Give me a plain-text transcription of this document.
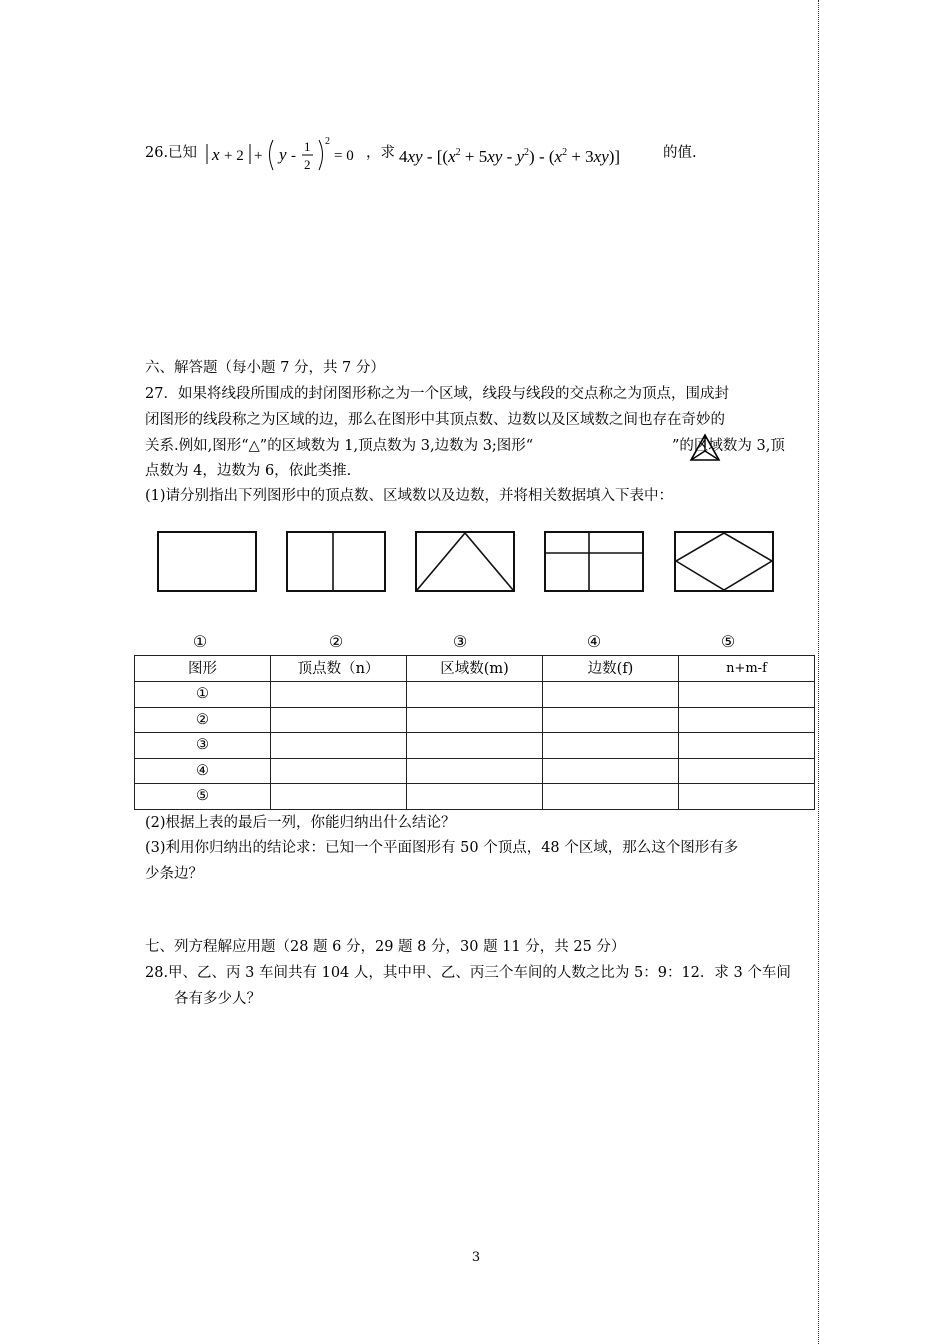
26.已知 x + 2 + y -
1
2
2
= 0 ，求 $4xy - [(x^2 + 5xy - y^2) - (x^2 + 3xy)]$	的值.
六、解答题（每小题 7 分，共 7 分）
27．如果将线段所围成的封闭图形称之为一个区域，线段与线段的交点称之为顶点，围成封
闭图形的线段称之为区域的边，那么在图形中其顶点数、边数以及区域数之间也存在奇妙的
关系.例如,图形“△”的区域数为 1,顶点数为 3,边数为 3;图形“	”的区域数为 3,顶
点数为 4，边数为 6，依此类推.
(1)请分别指出下列图形中的顶点数、区域数以及边数，并将相关数据填入下表中：
①	②	③	④	⑤
图形	顶点数（n）	区域数(m)	边数(f)	n+m-f
①				
②				
③				
④				
⑤				
(2)根据上表的最后一列，你能归纳出什么结论？
(3)利用你归纳出的结论求：已知一个平面图形有 50 个顶点，48 个区域，那么这个图形有多
少条边？
七、列方程解应用题（28 题 6 分，29 题 8 分，30 题 11 分，共 25 分）
28.甲、乙、丙 3 车间共有 104 人，其中甲、乙、丙三个车间的人数之比为 5：9：12．求 3 个车间
各有多少人？
3
